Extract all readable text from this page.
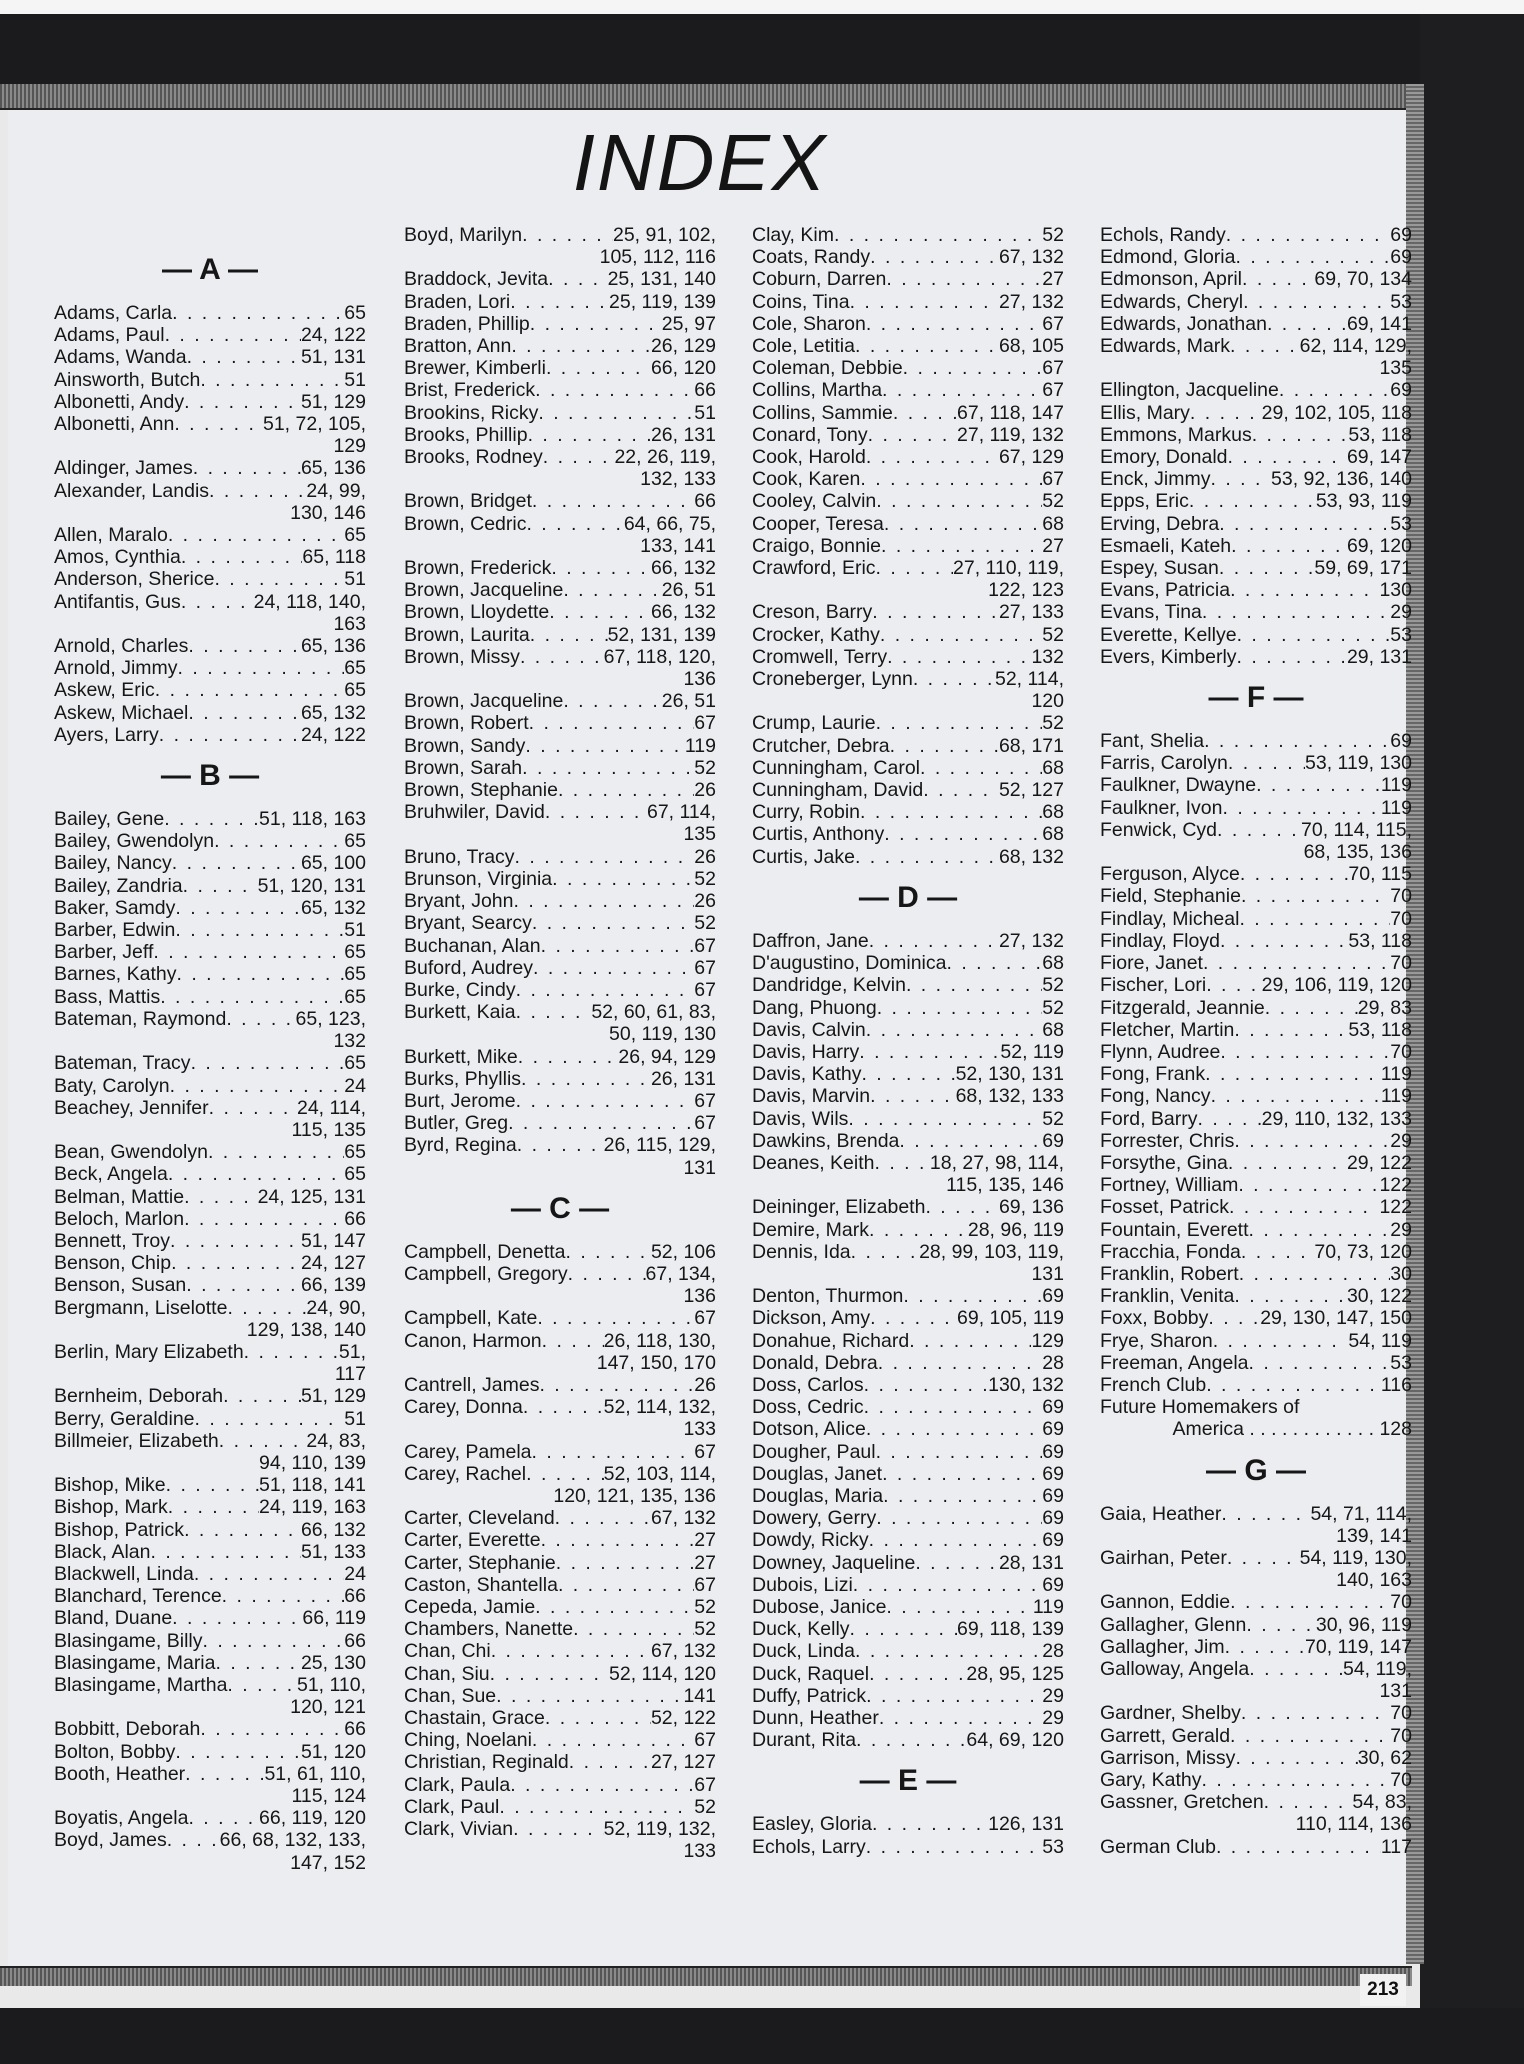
INDEX
— A —
Adams, Carla . . .	65
Adams, Paul . . .	24, 122
Adams, Wanda . . .	51, 131
Ainsworth, Butch . . .	51
Albonetti, Andy . . .	51, 129
Albonetti, Ann . . .	51, 72, 105,
129
Aldinger, James . . .	65, 136
Alexander, Landis . . .	24, 99,
130, 146
Allen, Maralo . . .	65
Amos, Cynthia . . .	65, 118
Anderson, Sherice . . .	51
Antifantis, Gus . . .	24, 118, 140,
163
Arnold, Charles . . .	65, 136
Arnold, Jimmy . . .	65
Askew, Eric . . .	65
Askew, Michael . . .	65, 132
Ayers, Larry . . .	24, 122
— B —
Bailey, Gene . . .	51, 118, 163
Bailey, Gwendolyn . . .	65
Bailey, Nancy . . .	65, 100
Bailey, Zandria . . .	51, 120, 131
Baker, Samdy . . .	65, 132
Barber, Edwin . . .	51
Barber, Jeff . . .	65
Barnes, Kathy . . .	65
Bass, Mattis . . .	65
Bateman, Raymond . . .	65, 123,
132
Bateman, Tracy . . .	65
Baty, Carolyn . . .	24
Beachey, Jennifer . . .	24, 114,
115, 135
Bean, Gwendolyn . . .	65
Beck, Angela . . .	65
Belman, Mattie . . .	24, 125, 131
Beloch, Marlon . . .	66
Bennett, Troy . . .	51, 147
Benson, Chip . . .	24, 127
Benson, Susan . . .	66, 139
Bergmann, Liselotte . . .	24, 90,
129, 138, 140
Berlin, Mary Elizabeth . . .	51,
117
Bernheim, Deborah . . .	51, 129
Berry, Geraldine . . .	51
Billmeier, Elizabeth . . .	24, 83,
94, 110, 139
Bishop, Mike . . .	51, 118, 141
Bishop, Mark . . .	24, 119, 163
Bishop, Patrick . . .	66, 132
Black, Alan . . .	51, 133
Blackwell, Linda . . .	24
Blanchard, Terence . . .	66
Bland, Duane . . .	66, 119
Blasingame, Billy . . .	66
Blasingame, Maria . . .	25, 130
Blasingame, Martha . . .	51, 110,
120, 121
Bobbitt, Deborah . . .	66
Bolton, Bobby . . .	51, 120
Booth, Heather . . .	51, 61, 110,
115, 124
Boyatis, Angela . . .	66, 119, 120
Boyd, James . . .	66, 68, 132, 133,
147, 152
Boyd, Marilyn . . .	25, 91, 102,
105, 112, 116
Braddock, Jevita . . .	25, 131, 140
Braden, Lori . . .	25, 119, 139
Braden, Phillip . . .	25, 97
Bratton, Ann . . .	26, 129
Brewer, Kimberli . . .	66, 120
Brist, Frederick . . .	66
Brookins, Ricky . . .	51
Brooks, Phillip . . .	26, 131
Brooks, Rodney . . .	22, 26, 119,
132, 133
Brown, Bridget . . .	66
Brown, Cedric . . .	64, 66, 75,
133, 141
Brown, Frederick . . .	66, 132
Brown, Jacqueline . . .	26, 51
Brown, Lloydette . . .	66, 132
Brown, Laurita . . .	52, 131, 139
Brown, Missy . . .	67, 118, 120,
136
Brown, Jacqueline . . .	26, 51
Brown, Robert . . .	67
Brown, Sandy . . .	119
Brown, Sarah . . .	52
Brown, Stephanie . . .	26
Bruhwiler, David . . .	67, 114,
135
Bruno, Tracy . . .	26
Brunson, Virginia . . .	52
Bryant, John . . .	26
Bryant, Searcy . . .	52
Buchanan, Alan . . .	67
Buford, Audrey . . .	67
Burke, Cindy . . .	67
Burkett, Kaia . . .	52, 60, 61, 83,
50, 119, 130
Burkett, Mike . . .	26, 94, 129
Burks, Phyllis . . .	26, 131
Burt, Jerome . . .	67
Butler, Greg . . .	67
Byrd, Regina . . .	26, 115, 129,
131
— C —
Campbell, Denetta . . .	52, 106
Campbell, Gregory . . .	67, 134,
136
Campbell, Kate . . .	67
Canon, Harmon . . .	26, 118, 130,
147, 150, 170
Cantrell, James . . .	26
Carey, Donna . . .	52, 114, 132,
133
Carey, Pamela . . .	67
Carey, Rachel . . .	52, 103, 114,
120, 121, 135, 136
Carter, Cleveland . . .	67, 132
Carter, Everette . . .	27
Carter, Stephanie . . .	27
Caston, Shantella . . .	67
Cepeda, Jamie . . .	52
Chambers, Nanette . . .	52
Chan, Chi . . .	67, 132
Chan, Siu . . .	52, 114, 120
Chan, Sue . . .	141
Chastain, Grace . . .	52, 122
Ching, Noelani . . .	67
Christian, Reginald . . .	27, 127
Clark, Paula . . .	67
Clark, Paul . . .	52
Clark, Vivian . . .	52, 119, 132,
133
Clay, Kim . . .	52
Coats, Randy . . .	67, 132
Coburn, Darren . . .	27
Coins, Tina . . .	27, 132
Cole, Sharon . . .	67
Cole, Letitia . . .	68, 105
Coleman, Debbie . . .	67
Collins, Martha . . .	67
Collins, Sammie . . .	67, 118, 147
Conard, Tony . . .	27, 119, 132
Cook, Harold . . .	67, 129
Cook, Karen . . .	67
Cooley, Calvin . . .	52
Cooper, Teresa . . .	68
Craigo, Bonnie . . .	27
Crawford, Eric . . .	27, 110, 119,
122, 123
Creson, Barry . . .	27, 133
Crocker, Kathy . . .	52
Cromwell, Terry . . .	132
Croneberger, Lynn . . .	52, 114,
120
Crump, Laurie . . .	52
Crutcher, Debra . . .	68, 171
Cunningham, Carol . . .	68
Cunningham, David . . .	52, 127
Curry, Robin . . .	68
Curtis, Anthony . . .	68
Curtis, Jake . . .	68, 132
— D —
Daffron, Jane . . .	27, 132
D'augustino, Dominica . . .	68
Dandridge, Kelvin . . .	52
Dang, Phuong . . .	52
Davis, Calvin . . .	68
Davis, Harry . . .	52, 119
Davis, Kathy . . .	52, 130, 131
Davis, Marvin . . .	68, 132, 133
Davis, Wils . . .	52
Dawkins, Brenda . . .	69
Deanes, Keith . . .	18, 27, 98, 114,
115, 135, 146
Deininger, Elizabeth . . .	69, 136
Demire, Mark . . .	28, 96, 119
Dennis, Ida . . .	28, 99, 103, 119,
131
Denton, Thurmon . . .	69
Dickson, Amy . . .	69, 105, 119
Donahue, Richard . . .	129
Donald, Debra . . .	28
Doss, Carlos . . .	130, 132
Doss, Cedric . . .	69
Dotson, Alice . . .	69
Dougher, Paul . . .	69
Douglas, Janet . . .	69
Douglas, Maria . . .	69
Dowery, Gerry . . .	69
Dowdy, Ricky . . .	69
Downey, Jaqueline . . .	28, 131
Dubois, Lizi . . .	69
Dubose, Janice . . .	119
Duck, Kelly . . .	69, 118, 139
Duck, Linda . . .	28
Duck, Raquel . . .	28, 95, 125
Duffy, Patrick . . .	29
Dunn, Heather . . .	29
Durant, Rita . . .	64, 69, 120
— E —
Easley, Gloria . . .	126, 131
Echols, Larry . . .	53
Echols, Randy . . .	69
Edmond, Gloria . . .	69
Edmonson, April . . .	69, 70, 134
Edwards, Cheryl . . .	53
Edwards, Jonathan . . .	69, 141
Edwards, Mark . . .	62, 114, 129,
135
Ellington, Jacqueline . . .	69
Ellis, Mary . . .	29, 102, 105, 118
Emmons, Markus . . .	53, 118
Emory, Donald . . .	69, 147
Enck, Jimmy . . .	53, 92, 136, 140
Epps, Eric . . .	53, 93, 119
Erving, Debra . . .	53
Esmaeli, Kateh . . .	69, 120
Espey, Susan . . .	59, 69, 171
Evans, Patricia . . .	130
Evans, Tina . . .	29
Everette, Kellye . . .	53
Evers, Kimberly . . .	29, 131
— F —
Fant, Shelia . . .	69
Farris, Carolyn . . .	53, 119, 130
Faulkner, Dwayne . . .	119
Faulkner, Ivon . . .	119
Fenwick, Cyd . . .	70, 114, 115,
68, 135, 136
Ferguson, Alyce . . .	70, 115
Field, Stephanie . . .	70
Findlay, Micheal . . .	70
Findlay, Floyd . . .	53, 118
Fiore, Janet . . .	70
Fischer, Lori . . .	29, 106, 119, 120
Fitzgerald, Jeannie . . .	29, 83
Fletcher, Martin . . .	53, 118
Flynn, Audree . . .	70
Fong, Frank . . .	119
Fong, Nancy . . .	119
Ford, Barry . . .	29, 110, 132, 133
Forrester, Chris . . .	29
Forsythe, Gina . . .	29, 122
Fortney, William . . .	122
Fosset, Patrick . . .	122
Fountain, Everett . . .	29
Fracchia, Fonda . . .	70, 73, 120
Franklin, Robert . . .	30
Franklin, Venita . . .	30, 122
Foxx, Bobby . . .	29, 130, 147, 150
Frye, Sharon . . .	54, 119
Freeman, Angela . . .	53
French Club . . .	116
Future Homemakers of
America . . . . . . . . . . . . 128
— G —
Gaia, Heather . . .	54, 71, 114,
139, 141
Gairhan, Peter . . .	54, 119, 130,
140, 163
Gannon, Eddie . . .	70
Gallagher, Glenn . . .	30, 96, 119
Gallagher, Jim . . .	70, 119, 147
Galloway, Angela . . .	54, 119,
131
Gardner, Shelby . . .	70
Garrett, Gerald . . .	70
Garrison, Missy . . .	30, 62
Gary, Kathy . . .	70
Gassner, Gretchen . . .	54, 83,
110, 114, 136
German Club . . .	117
213
